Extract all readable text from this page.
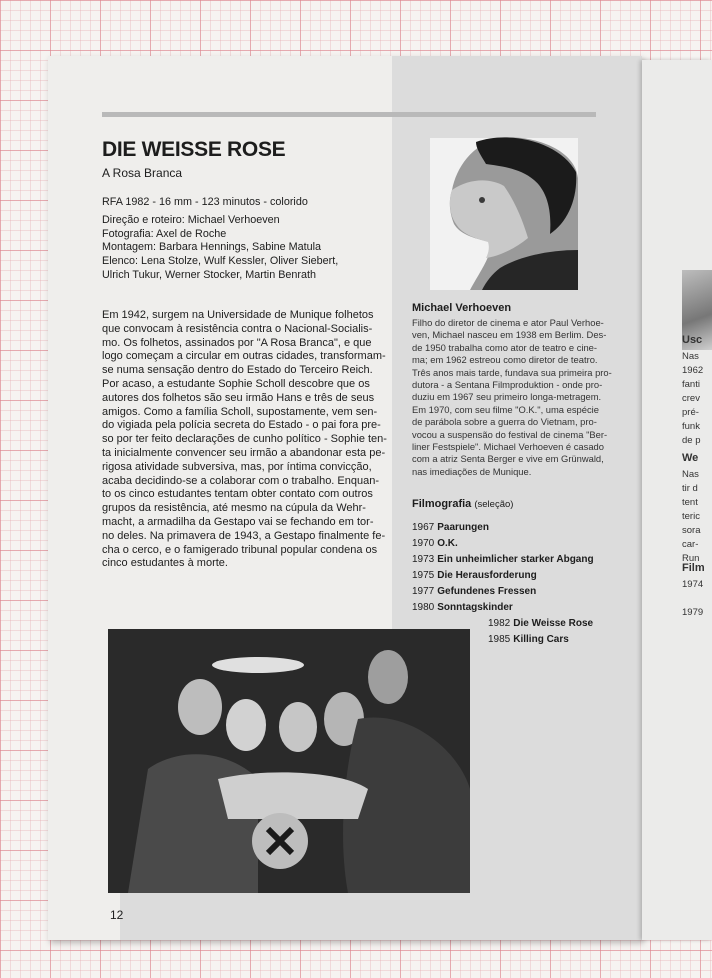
DIE WEISSE ROSE
A Rosa Branca
RFA 1982 - 16 mm - 123 minutos - colorido
Direção e roteiro: Michael Verhoeven
Fotografia: Axel de Roche
Montagem: Barbara Hennings, Sabine Matula
Elenco: Lena Stolze, Wulf Kessler, Oliver Siebert,
Ulrich Tukur, Werner Stocker, Martin Benrath
Em 1942, surgem na Universidade de Munique folhetos
que convocam à resistência contra o Nacional-Socialis-
mo. Os folhetos, assinados por "A Rosa Branca", e que
logo começam a circular em outras cidades, transformam-
se numa sensação dentro do Estado do Terceiro Reich.
Por acaso, a estudante Sophie Scholl descobre que os
autores dos folhetos são seu irmão Hans e três de seus
amigos. Como a família Scholl, supostamente, vem sen-
do vigiada pela polícia secreta do Estado - o pai fora pre-
so por ter feito declarações de cunho político - Sophie ten-
ta inicialmente convencer seu irmão a abandonar esta pe-
rigosa atividade subversiva, mas, por íntima convicção,
acaba decidindo-se a colaborar com o trabalho. Enquan-
to os cinco estudantes tentam obter contato com outros
grupos da resistência, até mesmo na cúpula da Wehr-
macht, a armadilha da Gestapo vai se fechando em tor-
no deles. Na primavera de 1943, a Gestapo finalmente fe-
cha o cerco, e o famigerado tribunal popular condena os
cinco estudantes à morte.
Michael Verhoeven
Filho do diretor de cinema e ator Paul Verhoe-
ven, Michael nasceu em 1938 em Berlim. Des-
de 1950 trabalha como ator de teatro e cine-
ma; em 1962 estreou como diretor de teatro.
Três anos mais tarde, fundava sua primeira pro-
dutora - a Sentana Filmproduktion - onde pro-
duziu em 1967 seu primeiro longa-metragem.
Em 1970, com seu filme "O.K.", uma espécie
de parábola sobre a guerra do Vietnam, pro-
vocou a suspensão do festival de cinema "Ber-
liner Festspiele". Michael Verhoeven é casado
com a atriz Senta Berger e vive em Grünwald,
nas imediações de Munique.
Filmografia (seleção)
1967 Paarungen
1970 O.K.
1973 Ein unheimlicher starker Abgang
1975 Die Herausforderung
1977 Gefundenes Fressen
1980 Sonntagskinder
1982 Die Weisse Rose
1985 Killing Cars
12
Usc
Nas
1962
fanti
crev
pré-
funk
de p
We
Nas
tir d
tent
teric
sora
car-
Run
Film
1974
1979
